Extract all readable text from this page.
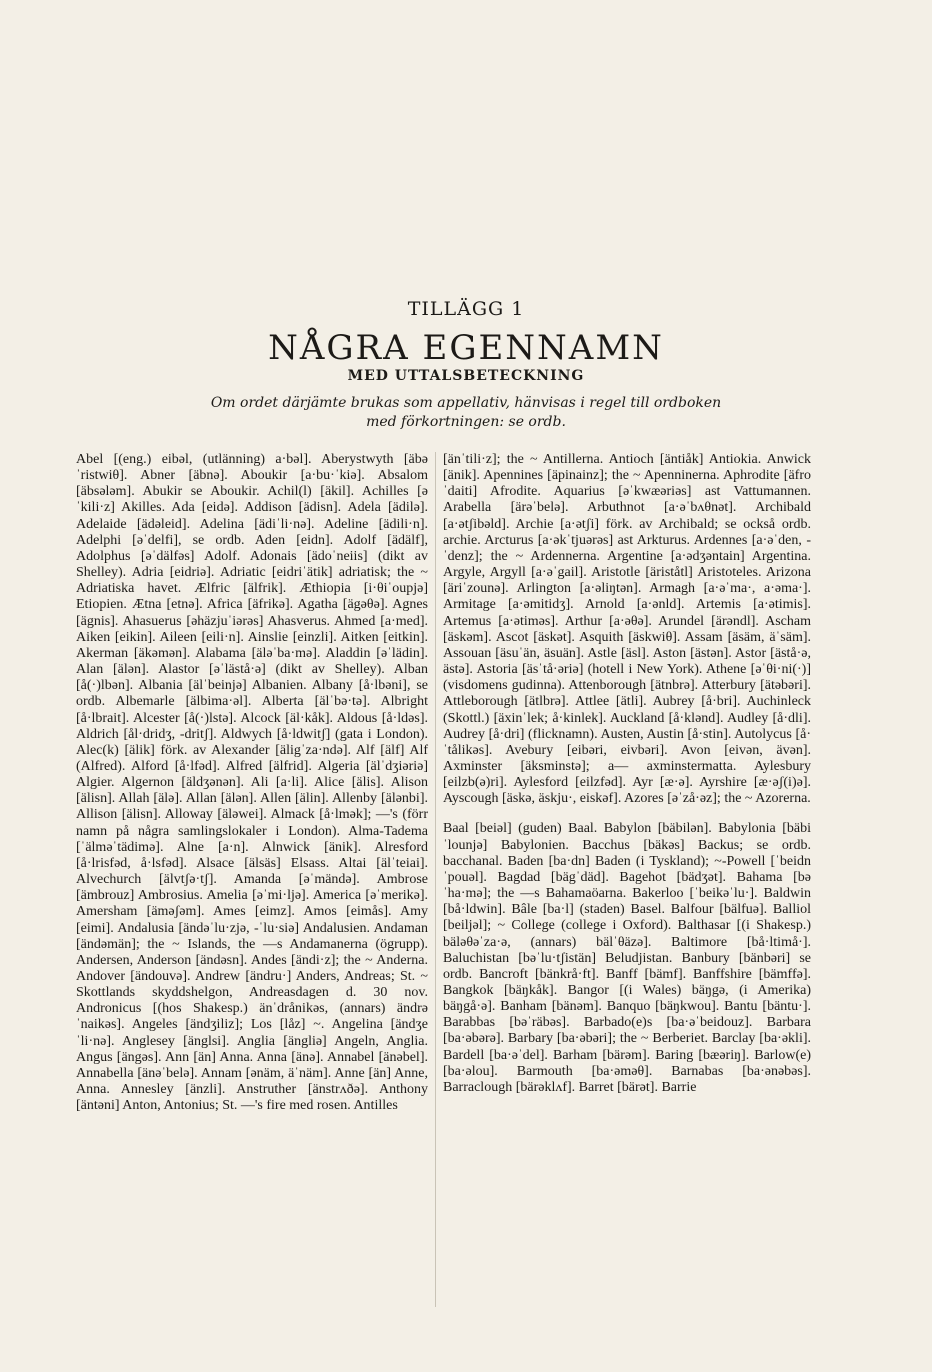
TILLÄGG 1
NÅGRA EGENNAMN
MED UTTALSBETECKNING
Om ordet därjämte brukas som appellativ, hänvisas i regel till ordboken
med förkortningen: se ordb.

Abel [(eng.) eibəl, (utlänning) a·bəl]. Aberystwyth [äbəˈristwiθ]. Abner [äbnə]. Aboukir [a·bu·ˈkiə]. Absalom [äbsələm]. Abukir se Aboukir. Achil(l) [äkil]. Achilles [əˈkili·z] Akilles. Ada [eidə]. Addison [ädisn]. Adela [ädilə]. Adelaide [ädəleid]. Adelina [ädiˈli·nə]. Adeline [ädili·n]. Adelphi [əˈdelfi], se ordb. Aden [eidn]. Adolf [ädälf], Adolphus [əˈdälfəs] Adolf. Adonais [ädoˈneiis] (dikt av Shelley). Adria [eidriə]. Adriatic [eidriˈätik] adriatisk; the ~ Adriatiska havet. Ælfric [älfrik]. Æthiopia [i·θiˈoupjə] Etiopien. Ætna [etnə]. Africa [äfrikə]. Agatha [ägəθə]. Agnes [ägnis]. Ahasuerus [əhäzjuˈiərəs] Ahasverus. Ahmed [a·med]. Aiken [eikin]. Aileen [eili·n]. Ainslie [einzli]. Aitken [eitkin]. Akerman [äkəmən]. Alabama [äləˈba·mə]. Aladdin [əˈlädin]. Alan [älən]. Alastor [əˈlästå·ə] (dikt av Shelley). Alban [å(·)lbən]. Albania [älˈbeinjə] Albanien. Albany [å·lbəni], se ordb. Albemarle [älbima·əl]. Alberta [älˈbə·tə]. Albright [å·lbrait]. Alcester [å(·)lstə]. Alcock [äl·kåk]. Aldous [å·ldəs]. Aldrich [ål·dridʒ, -dritʃ]. Aldwych [å·ldwitʃ] (gata i London). Alec(k) [älik] förk. av Alexander [äligˈza·ndə]. Alf [älf] Alf (Alfred). Alford [å·lfəd]. Alfred [älfrid]. Algeria [älˈdʒiəriə] Algier. Algernon [äldʒənən]. Ali [a·li]. Alice [älis]. Alison [älisn]. Allah [älə]. Allan [älən]. Allen [älin]. Allenby [älənbi]. Allison [älisn]. Alloway [äləwei]. Almack [å·lmək]; —'s (förr namn på några samlingslokaler i London). Alma-Tadema [ˈälməˈtädimə]. Alne [a·n]. Alnwick [änik]. Alresford [å·lrisfəd, å·lsfəd]. Alsace [älsäs] Elsass. Altai [älˈteiai]. Alvechurch [älvtʃə·tʃ]. Amanda [əˈmändə]. Ambrose [ämbrouz] Ambrosius. Amelia [əˈmi·ljə]. America [əˈmerikə]. Amersham [äməʃəm]. Ames [eimz]. Amos [eimås]. Amy [eimi]. Andalusia [ändəˈlu·zjə, -ˈlu·siə] Andalusien. Andaman [ändəmän]; the ~ Islands, the —s Andamanerna (ögrupp). Andersen, Anderson [ändəsn]. Andes [ändi·z]; the ~ Anderna. Andover [ändouvə]. Andrew [ändru·] Anders, Andreas; St. ~ Skottlands skyddshelgon, Andreasdagen d. 30 nov. Andronicus [(hos Shakesp.) änˈdrånikəs, (annars) ändrəˈnaikəs]. Angeles [ändʒiliz]; Los [låz] ~. Angelina [ändʒeˈli·nə]. Anglesey [änglsi]. Anglia [ängliə] Angeln, Anglia. Angus [ängəs]. Ann [än] Anna. Anna [änə]. Annabel [änəbel]. Annabella [änəˈbelə]. Annam [ənäm, äˈnäm]. Anne [än] Anne, Anna. Annesley [änzli]. Anstruther [änstrʌðə]. Anthony [äntəni] Anton, Antonius; St. —'s fire med rosen. Antilles

[änˈtili·z]; the ~ Antillerna. Antioch [äntiåk] Antiokia. Anwick [änik]. Apennines [äpinainz]; the ~ Apenninerna. Aphrodite [äfroˈdaiti] Afrodite. Aquarius [əˈkwæəriəs] ast Vattumannen. Arabella [ärəˈbelə]. Arbuthnot [a·əˈbʌθnət]. Archibald [a·ətʃibəld]. Archie [a·ətʃi] förk. av Archibald; se också ordb. archie. Arcturus [a·əkˈtjuərəs] ast Arkturus. Ardennes [a·əˈden, -ˈdenz]; the ~ Ardennerna. Argentine [a·ədʒəntain] Argentina. Argyle, Argyll [a·əˈgail]. Aristotle [äriståtl] Aristoteles. Arizona [äriˈzounə]. Arlington [a·əliŋtən]. Armagh [a·əˈma·, a·əma·]. Armitage [a·əmitidʒ]. Arnold [a·ənld]. Artemis [a·ətimis]. Artemus [a·ətiməs]. Arthur [a·əθə]. Arundel [ärəndl]. Ascham [äskəm]. Ascot [äskət]. Asquith [äskwiθ]. Assam [äsäm, äˈsäm]. Assouan [äsuˈän, äsuän]. Astle [äsl]. Aston [ästən]. Astor [ästå·ə, ästə]. Astoria [äsˈtå·əriə] (hotell i New York). Athene [əˈθi·ni(·)] (visdomens gudinna). Attenborough [ätnbrə]. Atterbury [ätəbəri]. Attleborough [ätlbrə]. Attlee [ätli]. Aubrey [å·bri]. Auchinleck (Skottl.) [äxinˈlek; å·kinlek]. Auckland [å·klənd]. Audley [å·dli]. Audrey [å·dri] (flicknamn). Austen, Austin [å·stin]. Autolycus [å·ˈtålikəs]. Avebury [eibəri, eivbəri]. Avon [eivən, ävən]. Axminster [äksminstə]; a— axminstermatta. Aylesbury [eilzb(ə)ri]. Aylesford [eilzfəd]. Ayr [æ·ə]. Ayrshire [æ·əʃ(i)ə]. Ayscough [äskə, äskju·, eiskəf]. Azores [əˈzå·əz]; the ~ Azorerna.

Baal [beiəl] (guden) Baal. Babylon [bäbilən]. Babylonia [bäbiˈlounjə] Babylonien. Bacchus [bäkəs] Backus; se ordb. bacchanal. Baden [ba·dn] Baden (i Tyskland); ~-Powell [ˈbeidnˈpouəl]. Bagdad [bägˈdäd]. Bagehot [bädʒət]. Bahama [bəˈha·mə]; the —s Bahamaöarna. Bakerloo [ˈbeikəˈlu·]. Baldwin [bå·ldwin]. Bâle [ba·l] (staden) Basel. Balfour [bälfuə]. Balliol [beiljəl]; ~ College (college i Oxford). Balthasar [(i Shakesp.) bäləθəˈza·ə, (annars) bälˈθäzə]. Baltimore [bå·ltimå·]. Baluchistan [bəˈlu·tʃistän] Beludjistan. Banbury [bänbəri] se ordb. Bancroft [bänkrå·ft]. Banff [bämf]. Banffshire [bämffə]. Bangkok [bäŋkåk]. Bangor [(i Wales) bäŋgə, (i Amerika) bäŋgå·ə]. Banham [bänəm]. Banquo [bäŋkwou]. Bantu [bäntu·]. Barabbas [bəˈräbəs]. Barbado(e)s [ba·əˈbeidouz]. Barbara [ba·əbərə]. Barbary [ba·əbəri]; the ~ Berberiet. Barclay [ba·əkli]. Bardell [ba·əˈdel]. Barham [bärəm]. Baring [bæəriŋ]. Barlow(e) [ba·əlou]. Barmouth [ba·əməθ]. Barnabas [ba·ənəbəs]. Barraclough [bärəklʌf]. Barret [bärət]. Barrie
